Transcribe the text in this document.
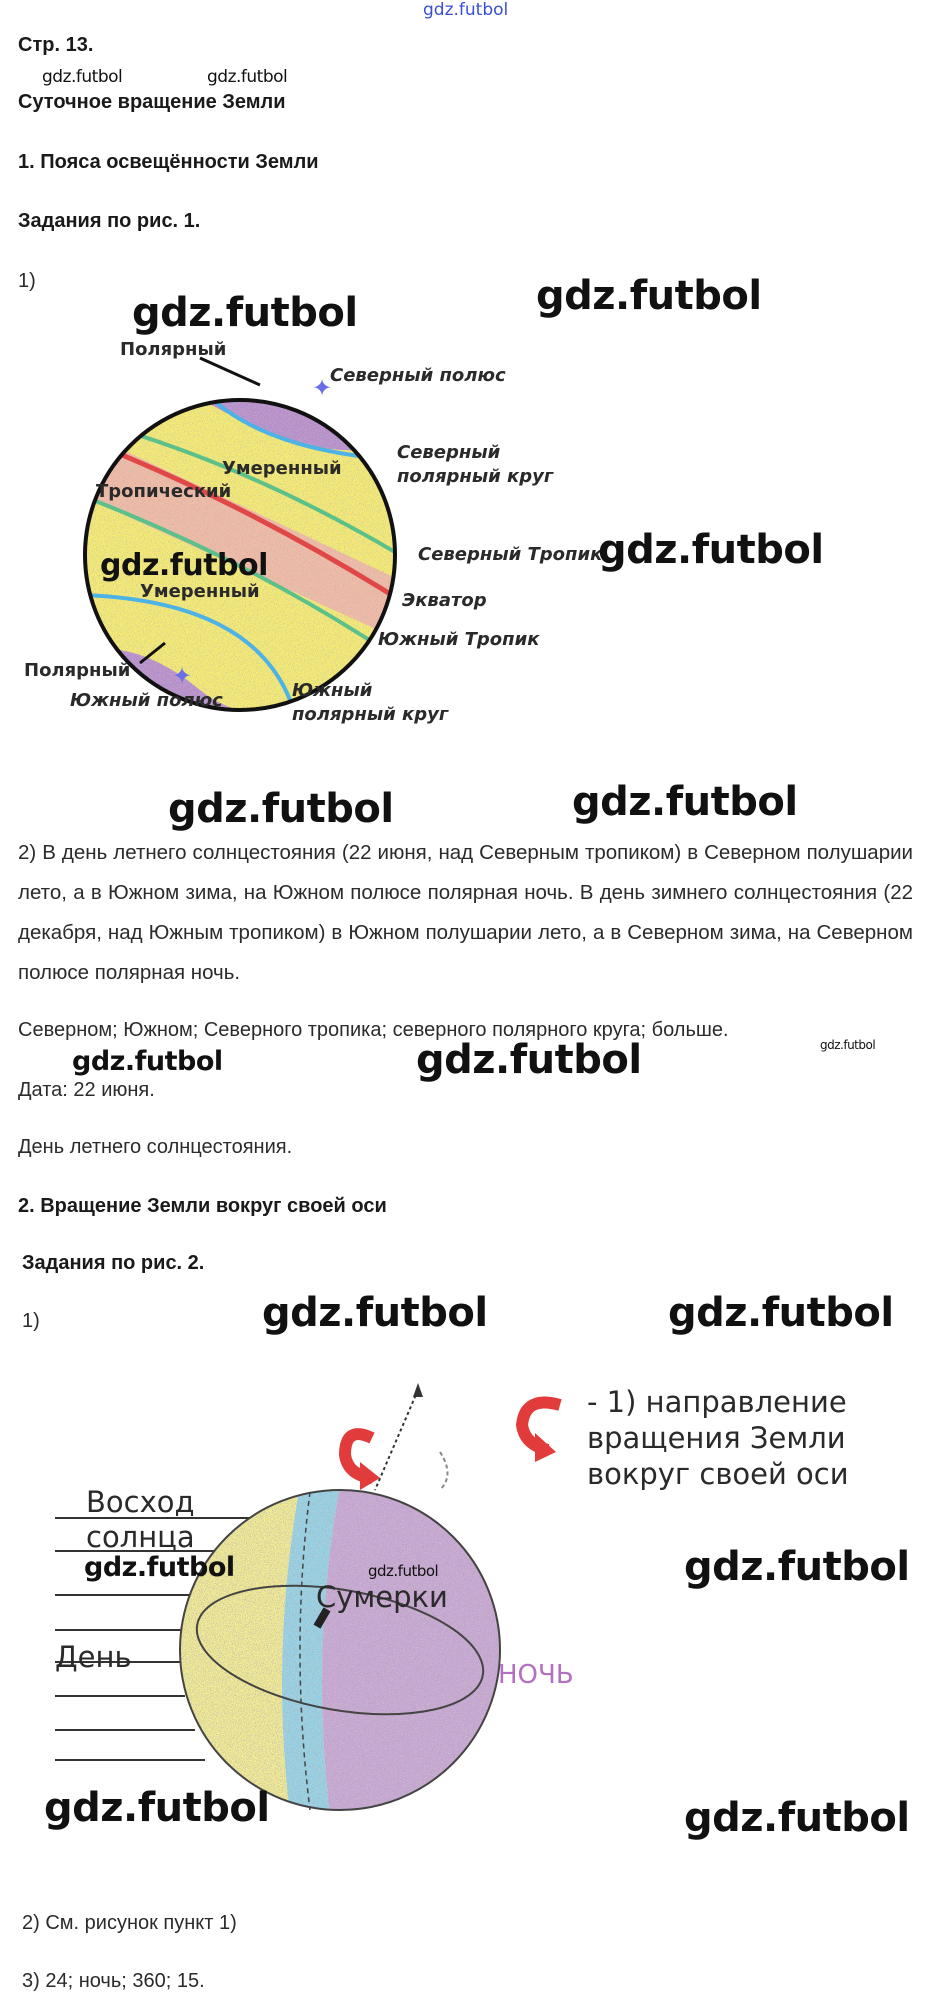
gdz.futbol
Стр. 13.
gdz.futbol	gdz.futbol
Суточное вращение Земли
1. Пояса освещённости Земли
Задания по рис. 1.
1)
✦
✦
Полярный
Северный полюс
Умеренный
Северный
полярный круг
Тропический
Северный Тропик
Умеренный	Экватор
Южный Тропик
Полярный
Южный полюс	Южный
полярный круг
gdz.futbol	gdz.futbol
gdz.futbol	gdz.futbol
gdz.futbol	gdz.futbol
2) В день летнего солнцестояния (22 июня, над Северным тропиком) в Северном полушарии лето, а в Южном зима, на Южном полюсе полярная ночь. В день зимнего солнцестояния (22 декабря, над Южным тропиком) в Южном полушарии лето, а в Северном зима, на Северном полюсе полярная ночь.
Северном; Южном; Северного тропика; северного полярного круга; больше.
gdz.futbol
gdz.futbol	gdz.futbol
Дата: 22 июня.
День летнего солнцестояния.
2. Вращение Земли вокруг своей оси
Задания по рис. 2.
1)	gdz.futbol	gdz.futbol
- 1) направление
вращения Земли
вокруг своей оси
Восход
солнца
Сумерки
День
НОЧЬ
gdz.futbol	gdz.futbol	gdz.futbol
gdz.futbol	gdz.futbol
2) См. рисунок пункт 1)
3) 24; ночь; 360; 15.
